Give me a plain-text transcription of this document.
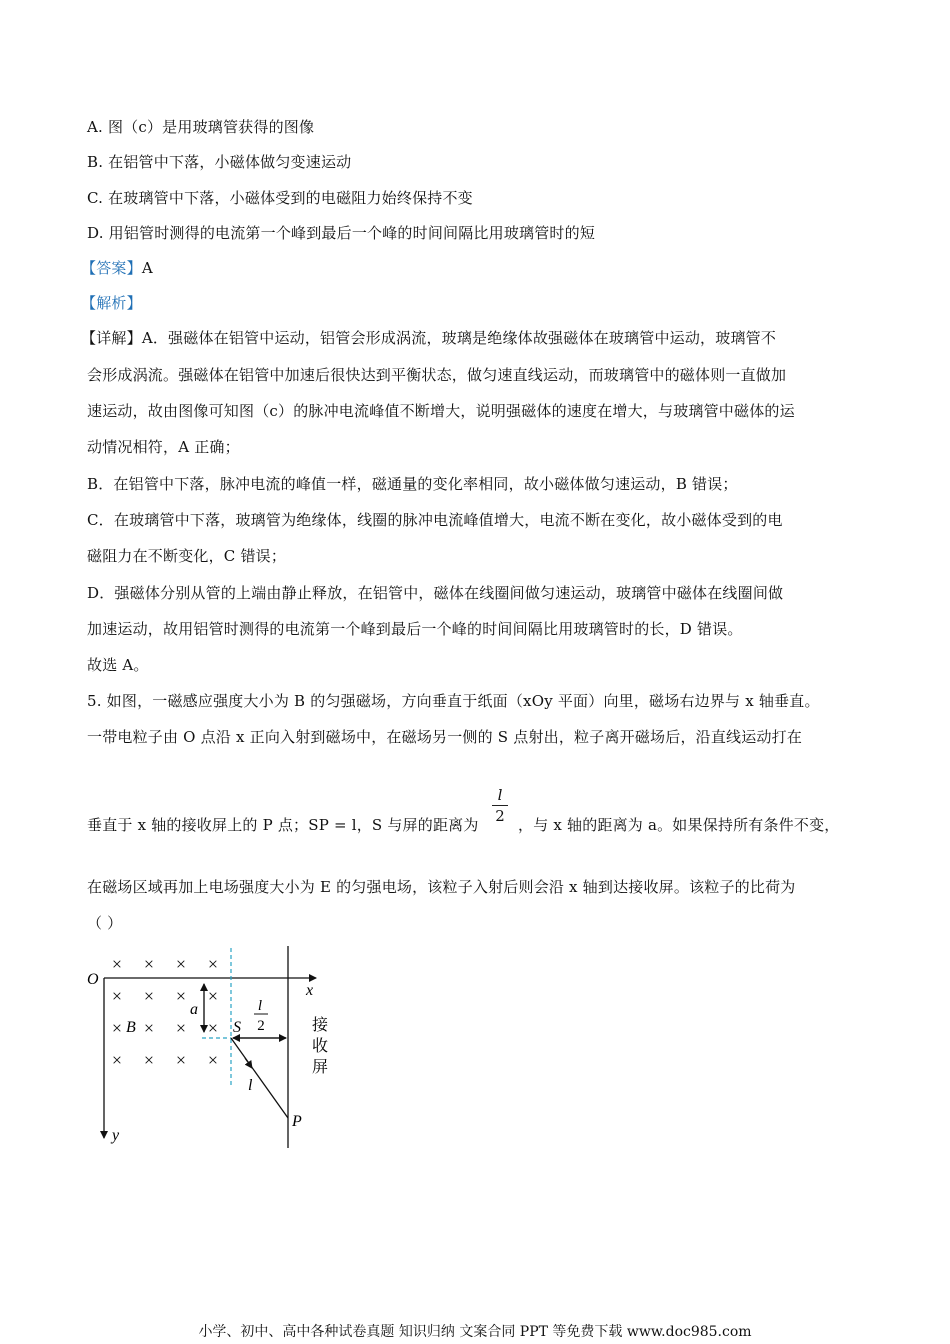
A. 图（c）是用玻璃管获得的图像
B. 在铝管中下落，小磁体做匀变速运动
C. 在玻璃管中下落，小磁体受到的电磁阻力始终保持不变
D. 用铝管时测得的电流第一个峰到最后一个峰的时间间隔比用玻璃管时的短
【答案】A
【解析】
【详解】A．强磁体在铝管中运动，铝管会形成涡流，玻璃是绝缘体故强磁体在玻璃管中运动，玻璃管不
会形成涡流。强磁体在铝管中加速后很快达到平衡状态，做匀速直线运动，而玻璃管中的磁体则一直做加
速运动，故由图像可知图（c）的脉冲电流峰值不断增大，说明强磁体的速度在增大，与玻璃管中磁体的运
动情况相符，A 正确；
B．在铝管中下落，脉冲电流的峰值一样，磁通量的变化率相同，故小磁体做匀速运动，B 错误；
C．在玻璃管中下落，玻璃管为绝缘体，线圈的脉冲电流峰值增大，电流不断在变化，故小磁体受到的电
磁阻力在不断变化，C 错误；
D．强磁体分别从管的上端由静止释放，在铝管中，磁体在线圈间做匀速运动，玻璃管中磁体在线圈间做
加速运动，故用铝管时测得的电流第一个峰到最后一个峰的时间间隔比用玻璃管时的长，D 错误。
故选 A。
5. 如图，一磁感应强度大小为 B 的匀强磁场，方向垂直于纸面（xOy 平面）向里，磁场右边界与 x 轴垂直。
一带电粒子由 O 点沿 x 正向入射到磁场中，在磁场另一侧的 S 点射出，粒子离开磁场后，沿直线运动打在
垂直于 x 轴的接收屏上的 P 点；SP = l，S 与屏的距离为
l
2 ，与 x 轴的距离为 a。如果保持所有条件不变，
在磁场区域再加上电场强度大小为 E 的匀强电场，该粒子入射后则会沿 x 轴到达接收屏。该粒子的比荷为
（ ）
× × × ×
× × × ×
× × × ×
× × × ×
O
x
y
B
a
S
l
2
l
P
接
收
屏
小学、初中、高中各种试卷真题 知识归纳 文案合同 PPT 等免费下载 www.doc985.com
